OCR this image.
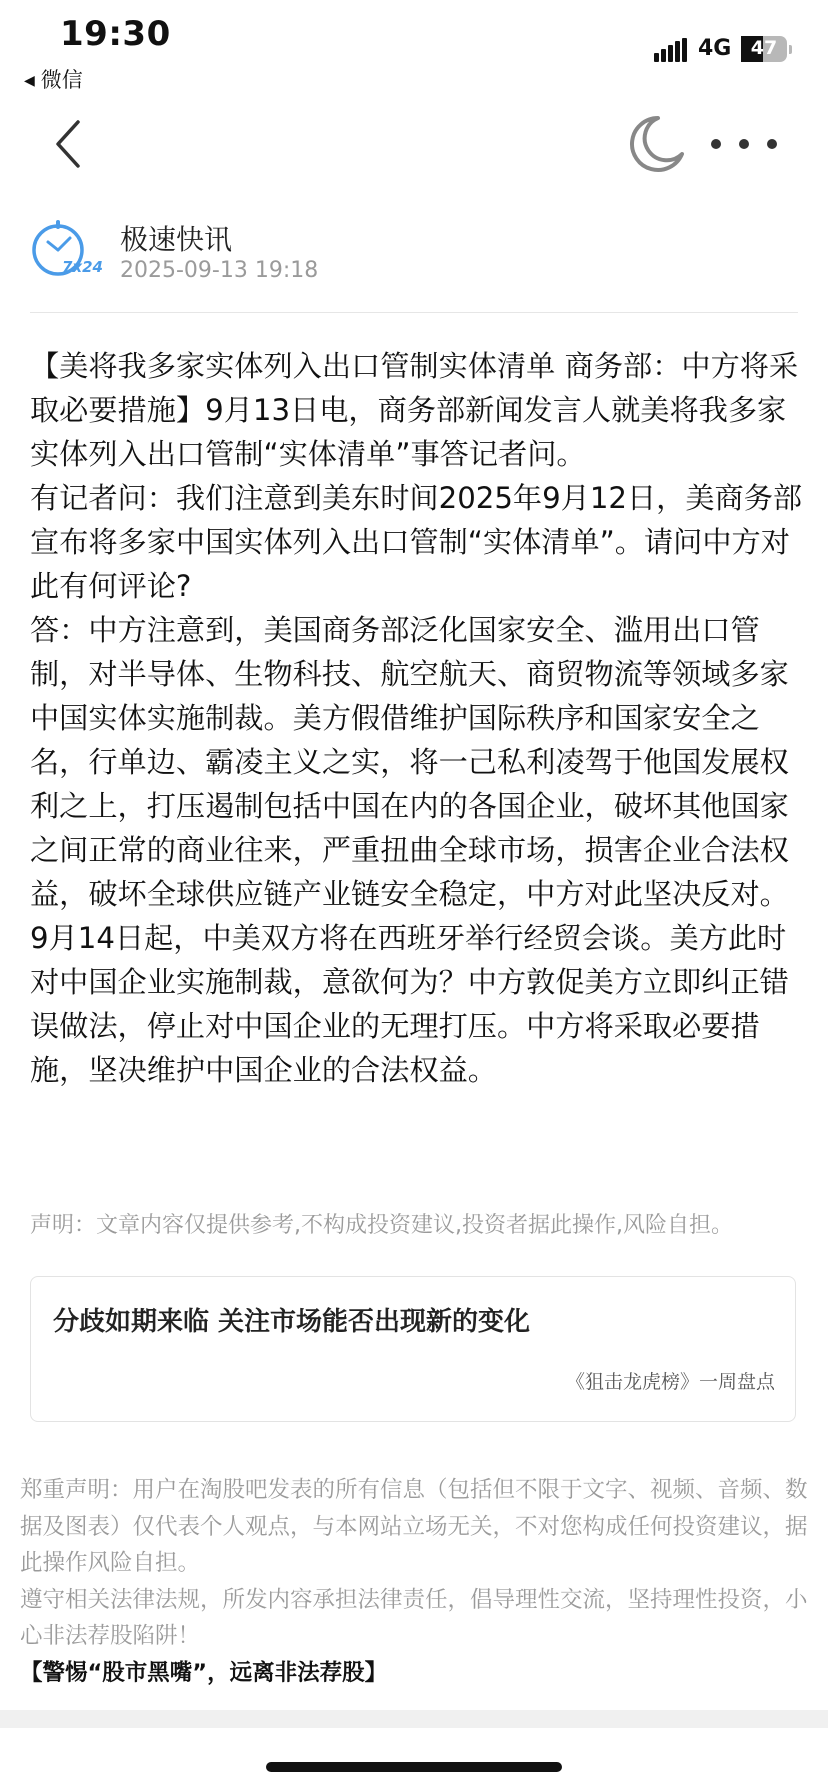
19:30
◀ 微信
4G	47
7x24
极速快讯
2025-09-13 19:18

【美将我多家实体列入出口管制实体清单 商务部：中方将采取必要措施】9月13日电，商务部新闻发言人就美将我多家实体列入出口管制“实体清单”事答记者问。

有记者问：我们注意到美东时间2025年9月12日，美商务部宣布将多家中国实体列入出口管制“实体清单”。请问中方对此有何评论?

答：中方注意到，美国商务部泛化国家安全、滥用出口管制，对半导体、生物科技、航空航天、商贸物流等领域多家中国实体实施制裁。美方假借维护国际秩序和国家安全之名，行单边、霸凌主义之实，将一己私利凌驾于他国发展权利之上，打压遏制包括中国在内的各国企业，破坏其他国家之间正常的商业往来，严重扭曲全球市场，损害企业合法权益，破坏全球供应链产业链安全稳定，中方对此坚决反对。

9月14日起，中美双方将在西班牙举行经贸会谈。美方此时对中国企业实施制裁，意欲何为？中方敦促美方立即纠正错误做法，停止对中国企业的无理打压。中方将采取必要措施，坚决维护中国企业的合法权益。

声明：文章内容仅提供参考,不构成投资建议,投资者据此操作,风险自担。
分歧如期来临 关注市场能否出现新的变化
《狙击龙虎榜》一周盘点

郑重声明：用户在淘股吧发表的所有信息（包括但不限于文字、视频、音频、数据及图表）仅代表个人观点，与本网站立场无关，不对您构成任何投资建议，据此操作风险自担。

遵守相关法律法规，所发内容承担法律责任，倡导理性交流，坚持理性投资，小心非法荐股陷阱！

【警惕“股市黑嘴”，远离非法荐股】
